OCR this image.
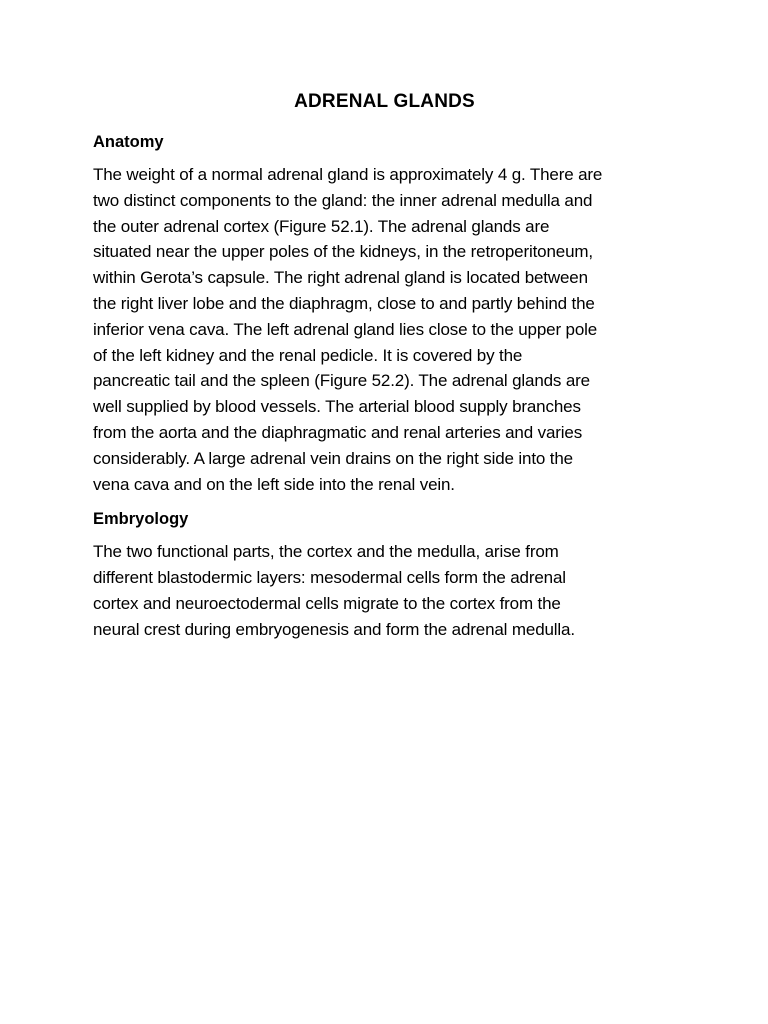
ADRENAL GLANDS
Anatomy

The weight of a normal adrenal gland is approximately 4 g. There are
two distinct components to the gland: the inner adrenal medulla and
the outer adrenal cortex (Figure 52.1). The adrenal glands are
situated near the upper poles of the kidneys, in the retroperitoneum,
within Gerota’s capsule. The right adrenal gland is located between
the right liver lobe and the diaphragm, close to and partly behind the
inferior vena cava. The left adrenal gland lies close to the upper pole
of the left kidney and the renal pedicle. It is covered by the
pancreatic tail and the spleen (Figure 52.2). The adrenal glands are
well supplied by blood vessels. The arterial blood supply branches
from the aorta and the diaphragmatic and renal arteries and varies
considerably. A large adrenal vein drains on the right side into the
vena cava and on the left side into the renal vein.

Embryology

The two functional parts, the cortex and the medulla, arise from
different blastodermic layers: mesodermal cells form the adrenal
cortex and neuroectodermal cells migrate to the cortex from the
neural crest during embryogenesis and form the adrenal medulla.
